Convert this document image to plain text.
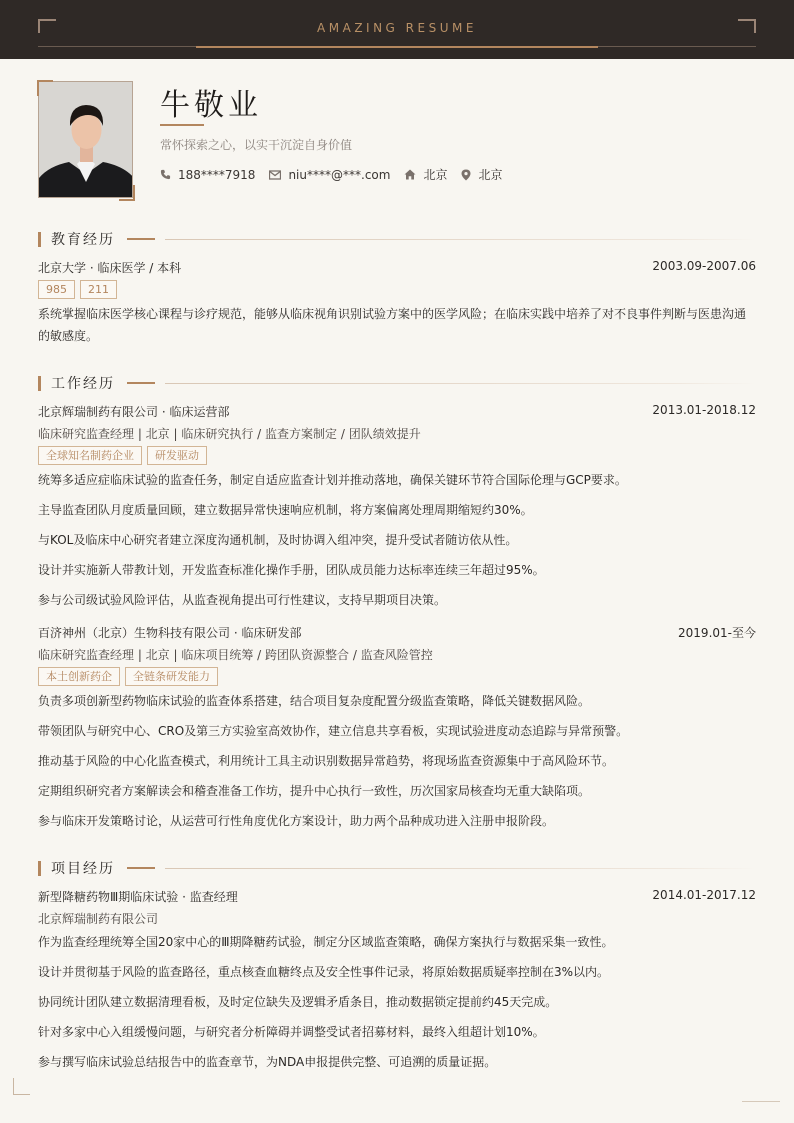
AMAZING RESUME
牛敬业
常怀探索之心，以实干沉淀自身价值
188****7918	niu****@***.com	北京	北京
教育经历
北京大学 · 临床医学 / 本科	2003.09-2007.06
985	211
系统掌握临床医学核心课程与诊疗规范，能够从临床视角识别试验方案中的医学风险；在临床实践中培养了对不良事件判断与医患沟通的敏感度。
工作经历
北京辉瑞制药有限公司 · 临床运营部	2013.01-2018.12
临床研究监查经理 | 北京 | 临床研究执行 / 监查方案制定 / 团队绩效提升
全球知名制药企业	研发驱动
统筹多适应症临床试验的监查任务，制定自适应监查计划并推动落地，确保关键环节符合国际伦理与GCP要求。
主导监查团队月度质量回顾，建立数据异常快速响应机制，将方案偏离处理周期缩短约30%。
与KOL及临床中心研究者建立深度沟通机制，及时协调入组冲突，提升受试者随访依从性。
设计并实施新人带教计划，开发监查标准化操作手册，团队成员能力达标率连续三年超过95%。
参与公司级试验风险评估，从监查视角提出可行性建议，支持早期项目决策。
百济神州（北京）生物科技有限公司 · 临床研发部	2019.01-至今
临床研究监查经理 | 北京 | 临床项目统筹 / 跨团队资源整合 / 监查风险管控
本土创新药企	全链条研发能力
负责多项创新型药物临床试验的监查体系搭建，结合项目复杂度配置分级监查策略，降低关键数据风险。
带领团队与研究中心、CRO及第三方实验室高效协作，建立信息共享看板，实现试验进度动态追踪与异常预警。
推动基于风险的中心化监查模式，利用统计工具主动识别数据异常趋势，将现场监查资源集中于高风险环节。
定期组织研究者方案解读会和稽查准备工作坊，提升中心执行一致性，历次国家局核查均无重大缺陷项。
参与临床开发策略讨论，从运营可行性角度优化方案设计，助力两个品种成功进入注册申报阶段。
项目经历
新型降糖药物Ⅲ期临床试验 · 监查经理	2014.01-2017.12
北京辉瑞制药有限公司
作为监查经理统筹全国20家中心的Ⅲ期降糖药试验，制定分区域监查策略，确保方案执行与数据采集一致性。
设计并贯彻基于风险的监查路径，重点核查血糖终点及安全性事件记录，将原始数据质疑率控制在3%以内。
协同统计团队建立数据清理看板，及时定位缺失及逻辑矛盾条目，推动数据锁定提前约45天完成。
针对多家中心入组缓慢问题，与研究者分析障碍并调整受试者招募材料，最终入组超计划10%。
参与撰写临床试验总结报告中的监查章节，为NDA申报提供完整、可追溯的质量证据。
